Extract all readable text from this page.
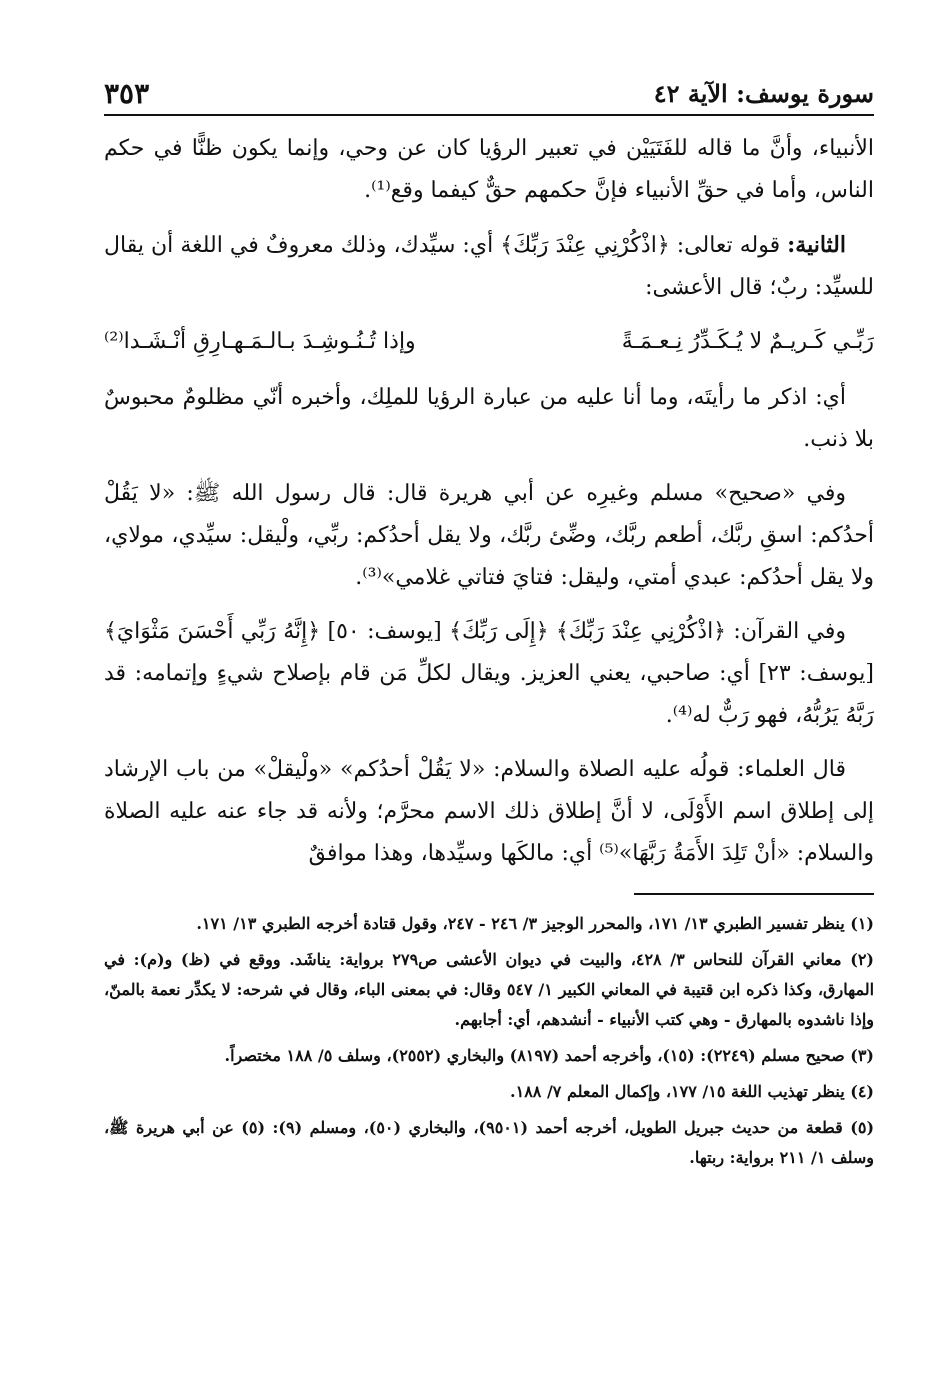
سورة يوسف: الآية ٤٢
٣٥٣

الأنبياء، وأنَّ ما قاله للفَتَيَيْن في تعبير الرؤيا كان عن وحي، وإنما يكون ظنًّا في حكم الناس، وأما في حقِّ الأنبياء فإنَّ حكمهم حقٌّ كيفما وقع⁽¹⁾.

الثانية: قوله تعالى: ﴿اذْكُرْنِي عِنْدَ رَبِّكَ﴾ أي: سيِّدك، وذلك معروفٌ في اللغة أن يقال للسيِّد: ربٌ؛ قال الأعشى:

رَبِّـي كَـريـمٌ لا يُـكَـدِّرُ نِـعـمَـةً
وإذا تُـنُـوشِـدَ بـالـمَـهـارِقِ أنْـشَـدا⁽²⁾

أي: اذكر ما رأيتَه، وما أنا عليه من عبارة الرؤيا للملِك، وأخبره أنّي مظلومٌ محبوسٌ بلا ذنب.

وفي «صحيح» مسلم وغيرِه عن أبي هريرة قال: قال رسول الله ﷺ: «لا يَقُلْ أحدُكم: اسقِ ربَّك، أطعم ربَّك، وضِّئ ربَّك، ولا يقل أحدُكم: ربِّي، ولْيقل: سيِّدي، مولاي، ولا يقل أحدُكم: عبدي أمتي، وليقل: فتايَ فتاتي غلامي»⁽³⁾.

وفي القرآن: ﴿اذْكُرْنِي عِنْدَ رَبِّكَ﴾ ﴿إِلَى رَبِّكَ﴾ [يوسف: ٥٠] ﴿إِنَّهُ رَبِّي أَحْسَنَ مَثْوَايَ﴾ [يوسف: ٢٣] أي: صاحبي، يعني العزيز. ويقال لكلِّ مَن قام بإصلاح شيءٍ وإتمامه: قد رَبَّهُ يَرُبُّهُ، فهو رَبٌّ له⁽⁴⁾.

قال العلماء: قولُه عليه الصلاة والسلام: «لا يَقُلْ أحدُكم» «ولْيقلْ» من باب الإرشاد إلى إطلاق اسم الأَوْلَى، لا أنَّ إطلاق ذلك الاسم محرَّم؛ ولأنه قد جاء عنه عليه الصلاة والسلام: «أنْ تَلِدَ الأَمَةُ رَبَّهَا»⁽⁵⁾ أي: مالكَها وسيِّدها، وهذا موافقٌ

(١) ينظر تفسير الطبري ١٣/ ١٧١، والمحرر الوجيز ٣/ ٢٤٦ - ٢٤٧، وقول قتادة أخرجه الطبري ١٣/ ١٧١.
(٢) معاني القرآن للنحاس ٣/ ٤٢٨، والبيت في ديوان الأعشى ص٢٧٩ برواية: يناشَد. ووقع في (ظ) و(م): في المهارق، وكذا ذكره ابن قتيبة في المعاني الكبير ١/ ٥٤٧ وقال: في بمعنى الباء، وقال في شرحه: لا يكدِّر نعمة بالمنّ، وإذا ناشدوه بالمهارق - وهي كتب الأنبياء - أنشدهم، أي: أجابهم.
(٣) صحيح مسلم (٢٢٤٩): (١٥)، وأخرجه أحمد (٨١٩٧) والبخاري (٢٥٥٢)، وسلف ٥/ ١٨٨ مختصراً.
(٤) ينظر تهذيب اللغة ١٥/ ١٧٧، وإكمال المعلم ٧/ ١٨٨.
(٥) قطعة من حديث جبريل الطويل، أخرجه أحمد (٩٥٠١)، والبخاري (٥٠)، ومسلم (٩): (٥) عن أبي هريرة ﷺ، وسلف ١/ ٢١١ برواية: ربتها.
